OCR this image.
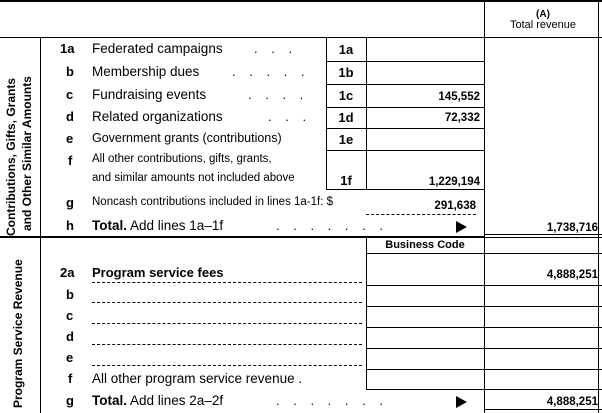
(A)
Total revenue
Contributions, Gifts, Grants and Other Similar Amounts
Program Service Revenue
1a Federated campaigns . . .	1a
b Membership dues	. . . . .	1b
c Fundraising events	. . . .	1c	145,552
d Related organizations	. . .	1d	72,332
e Government grants (contributions)	1e
f All other contributions, gifts, grants,
and similar amounts not included above	1f	1,229,194
g Noncash contributions included in lines 1a-1f: $	291,638
h Total. Add lines 1a–1f	. . . . . . .	1,738,716
Business Code
2a Program service fees	4,888,251
b
c
d
e
f All other program service revenue .
g Total. Add lines 2a–2f	. . . . . . .	4,888,251
